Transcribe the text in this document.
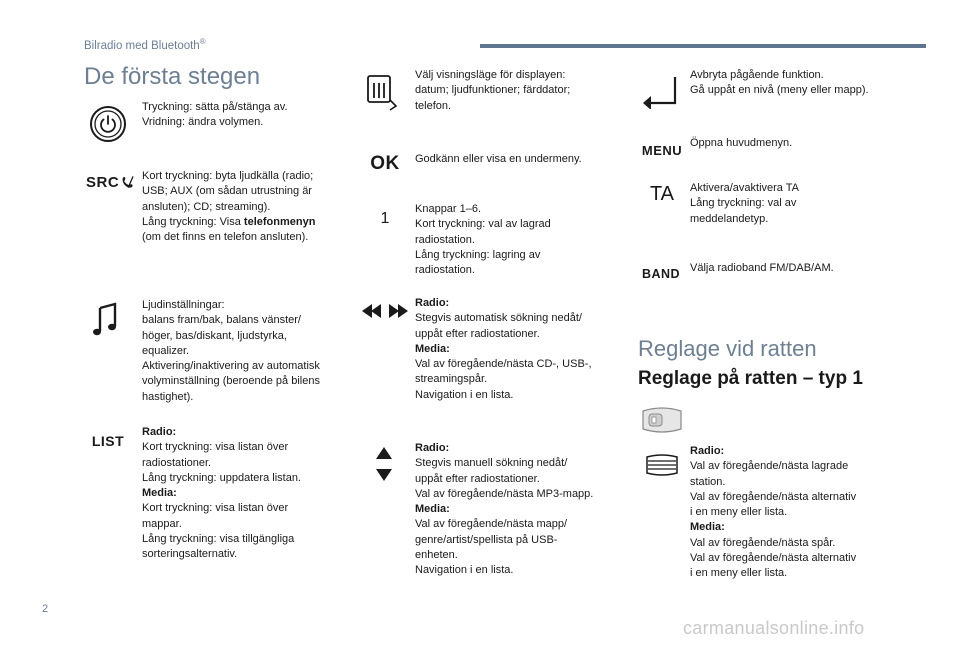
Bilradio med Bluetooth®
De första stegen
Tryckning: sätta på/stänga av.
Vridning: ändra volymen.
SRC Kort tryckning: byta ljudkälla (radio;
USB; AUX (om sådan utrustning är
ansluten); CD; streaming).
Lång tryckning: Visa telefonmenyn
(om det finns en telefon ansluten).
Ljudinställningar:
balans fram/bak, balans vänster/
höger, bas/diskant, ljudstyrka,
equalizer.
Aktivering/inaktivering av automatisk
volyminställning (beroende på bilens
hastighet).
LIST
Radio:
Kort tryckning: visa listan över
radiostationer.
Lång tryckning: uppdatera listan.
Media:
Kort tryckning: visa listan över
mappar.
Lång tryckning: visa tillgängliga
sorteringsalternativ.
Välj visningsläge för displayen:
datum; ljudfunktioner; färddator;
telefon.
OK Godkänn eller visa en undermeny.
1
Knappar 1–6.
Kort tryckning: val av lagrad
radiostation.
Lång tryckning: lagring av
radiostation.
Radio:
Stegvis automatisk sökning nedåt/
uppåt efter radiostationer.
Media:
Val av föregående/nästa CD-, USB-,
streamingspår.
Navigation i en lista.
Radio:
Stegvis manuell sökning nedåt/
uppåt efter radiostationer.
Val av föregående/nästa MP3-mapp.
Media:
Val av föregående/nästa mapp/
genre/artist/spellista på USB-
enheten.
Navigation i en lista.
Avbryta pågående funktion.
Gå uppåt en nivå (meny eller mapp).
MENU Öppna huvudmenyn.
TA Aktivera/avaktivera TA
Lång tryckning: val av
meddelandetyp.
BAND Välja radioband FM/DAB/AM.
Reglage vid ratten
Reglage på ratten – typ 1
Radio:
Val av föregående/nästa lagrade
station.
Val av föregående/nästa alternativ
i en meny eller lista.
Media:
Val av föregående/nästa spår.
Val av föregående/nästa alternativ
i en meny eller lista.
2
carmanualsonline.info
